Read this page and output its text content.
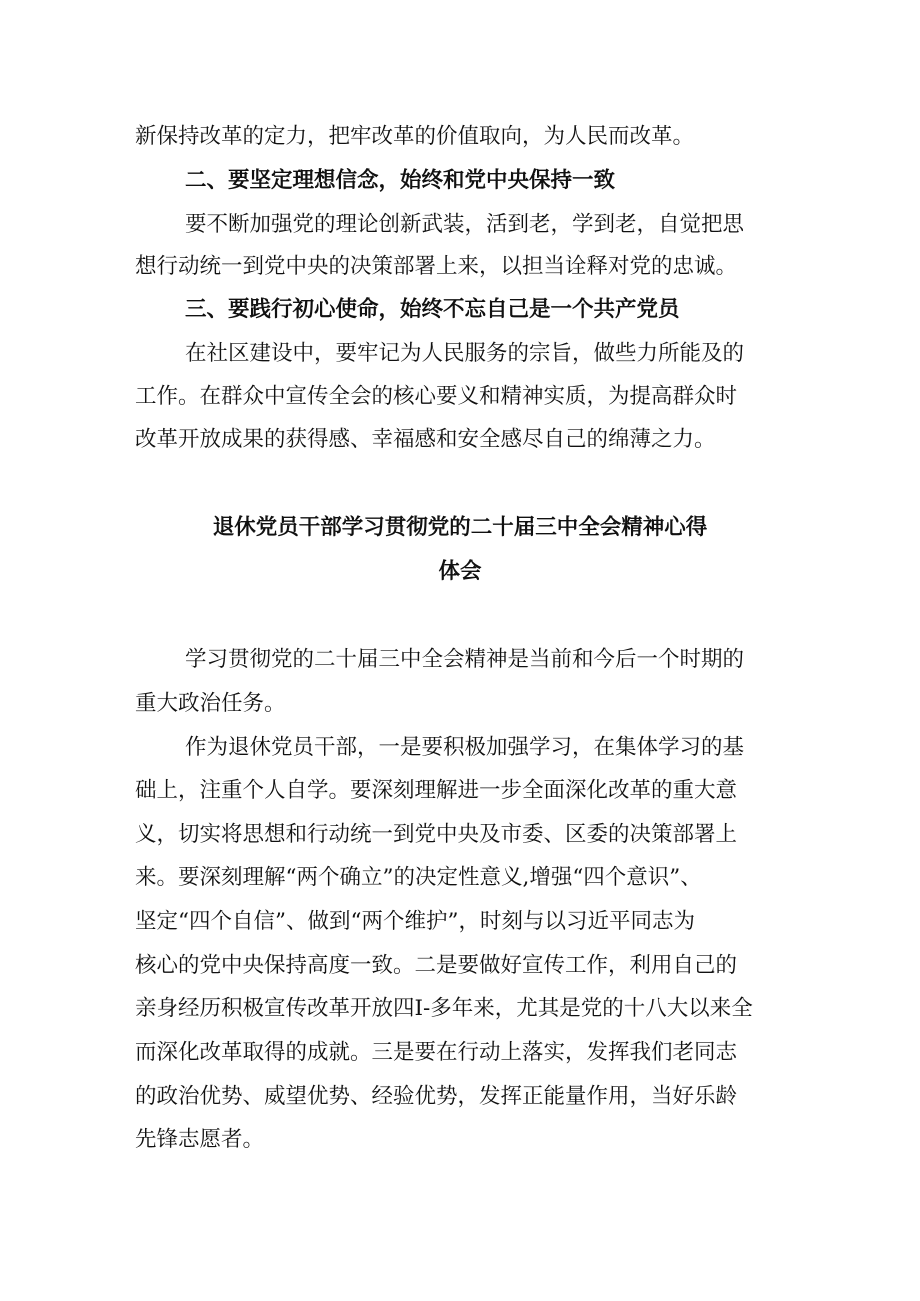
新保持改革的定力，把牢改革的价值取向，为人民而改革。
二、要坚定理想信念，始终和党中央保持一致
要不断加强党的理论创新武装，活到老，学到老，自觉把思
想行动统一到党中央的决策部署上来，以担当诠释对党的忠诚。
三、要践行初心使命，始终不忘自己是一个共产党员
在社区建设中，要牢记为人民服务的宗旨，做些力所能及的
工作。在群众中宣传全会的核心要义和精神实质，为提高群众时
改革开放成果的获得感、幸福感和安全感尽自己的绵薄之力。
退休党员干部学习贯彻党的二十届三中全会精神心得
体会
学习贯彻党的二十届三中全会精神是当前和今后一个时期的
重大政治任务。
作为退休党员干部，一是要积极加强学习，在集体学习的基
础上，注重个人自学。要深刻理解进一步全面深化改革的重大意
义，切实将思想和行动统一到党中央及市委、区委的决策部署上
来。要深刻理解“两个确立”的决定性意义,增强“四个意识”、
坚定“四个自信”、做到“两个维护”，时刻与以习近平同志为
核心的党中央保持高度一致。二是要做好宣传工作，利用自己的
亲身经历积极宣传改革开放四I-多年来，尤其是党的十八大以来全
而深化改革取得的成就。三是要在行动上落实，发挥我们老同志
的政治优势、威望优势、经验优势，发挥正能量作用，当好乐龄
先锋志愿者。
